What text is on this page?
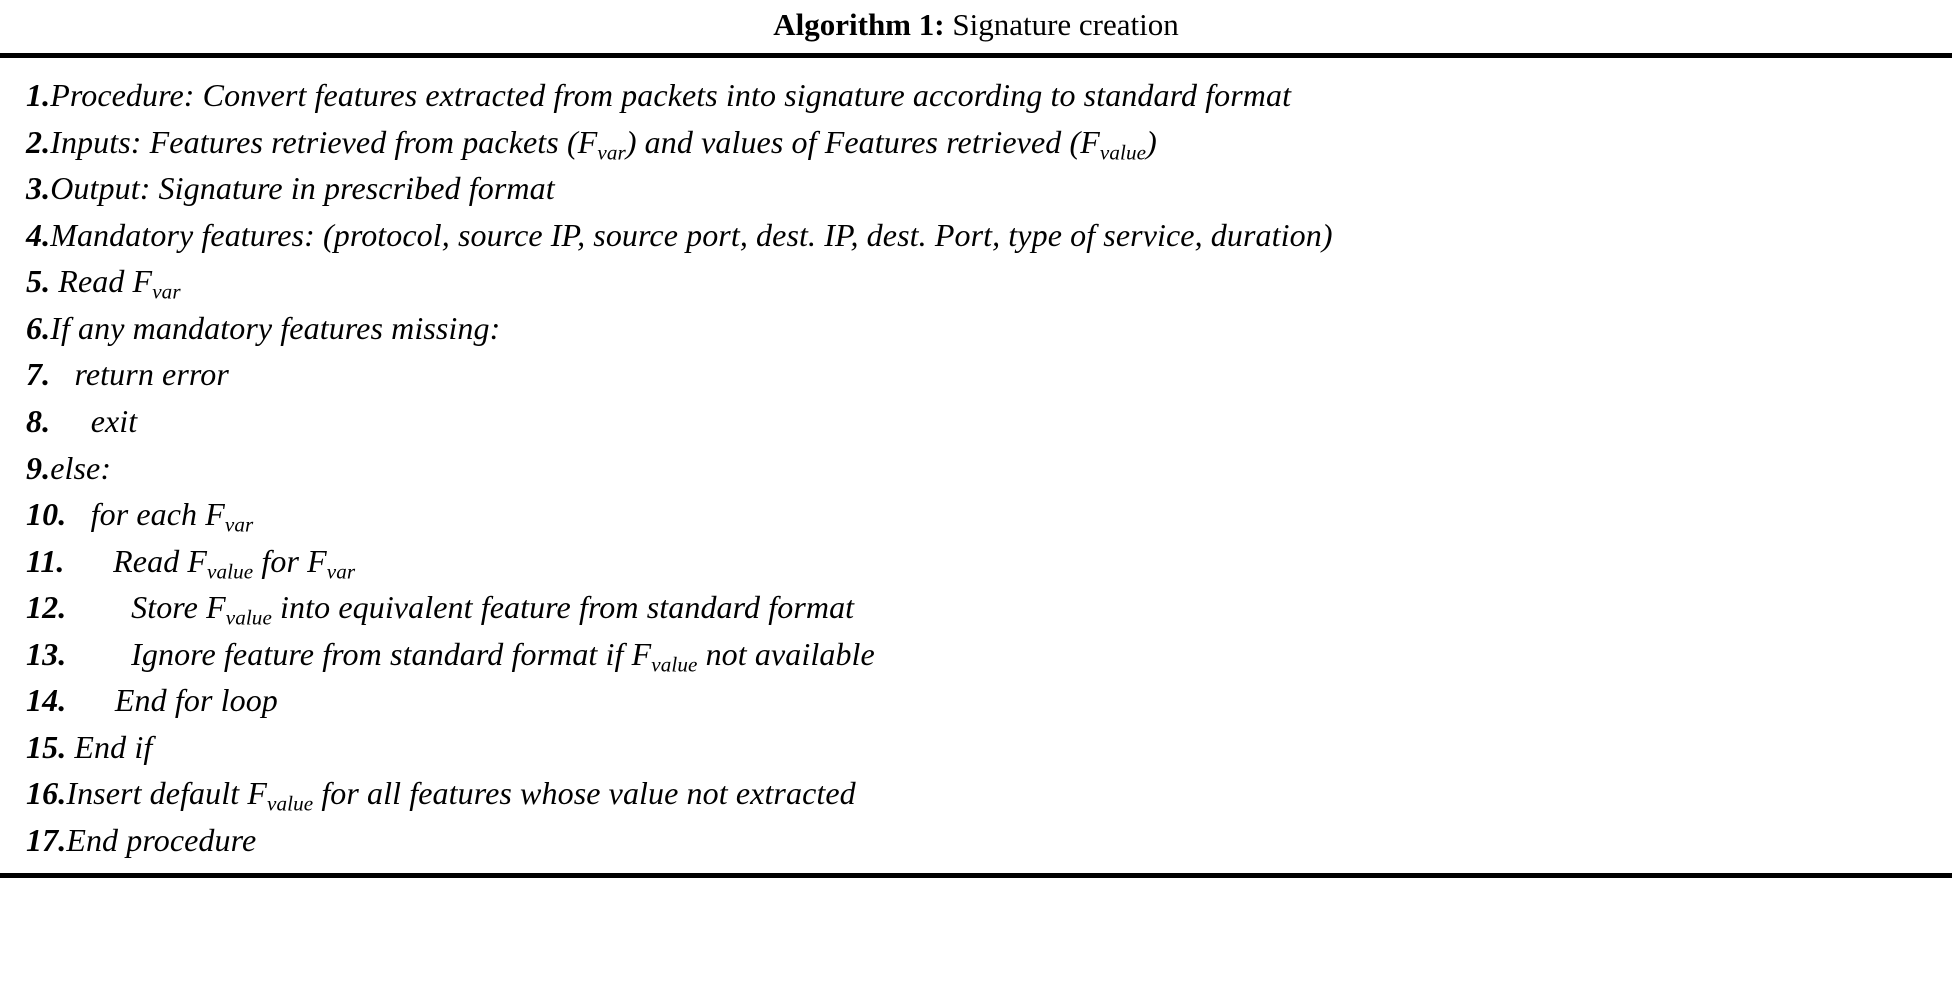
Algorithm 1: Signature creation
1.Procedure: Convert features extracted from packets into signature according to standard format
2.Inputs: Features retrieved from packets $(F_{var})$ and values of Features retrieved $(F_{value})$
3.Output: Signature in prescribed format
4.Mandatory features: (protocol, source IP, source port, dest. IP, dest. Port, type of service, duration)
5. Read $F_{var}$
6.If any mandatory features missing:
7.   return error
8.     exit
9.else:
10.   for each $F_{var}$
11.      Read $F_{value}$ for $F_{var}$
12.        Store $F_{value}$ into equivalent feature from standard format
13.        Ignore feature from standard format if $F_{value}$ not available
14.      End for loop
15. End if
16.Insert default $F_{value}$ for all features whose value not extracted
17.End procedure
